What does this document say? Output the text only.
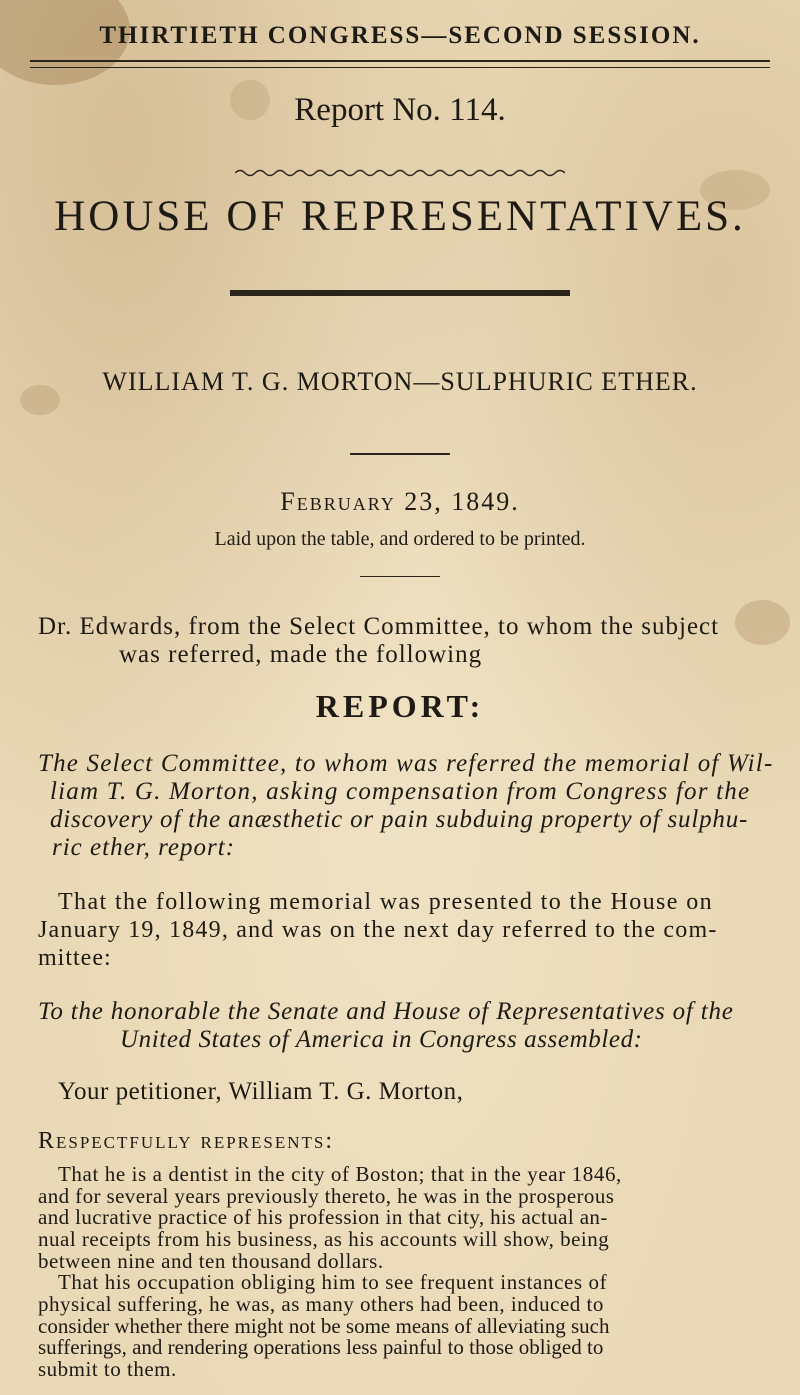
THIRTIETH CONGRESS—SECOND SESSION.
Report No. 114.
HOUSE OF REPRESENTATIVES.
WILLIAM T. G. MORTON—SULPHURIC ETHER.
February 23, 1849.
Laid upon the table, and ordered to be printed.
Dr. Edwards, from the Select Committee, to whom the subject
was referred, made the following
REPORT:
The Select Committee, to whom was referred the memorial of Wil-
liam T. G. Morton, asking compensation from Congress for the
discovery of the anæsthetic or pain subduing property of sulphu-
ric ether, report:
That the following memorial was presented to the House on
January 19, 1849, and was on the next day referred to the com-
mittee:
To the honorable the Senate and House of Representatives of the
United States of America in Congress assembled:
Your petitioner, William T. G. Morton,
Respectfully represents:
That he is a dentist in the city of Boston; that in the year 1846,
and for several years previously thereto, he was in the prosperous
and lucrative practice of his profession in that city, his actual an-
nual receipts from his business, as his accounts will show, being
between nine and ten thousand dollars.
That his occupation obliging him to see frequent instances of
physical suffering, he was, as many others had been, induced to
consider whether there might not be some means of alleviating such
sufferings, and rendering operations less painful to those obliged to
submit to them.
